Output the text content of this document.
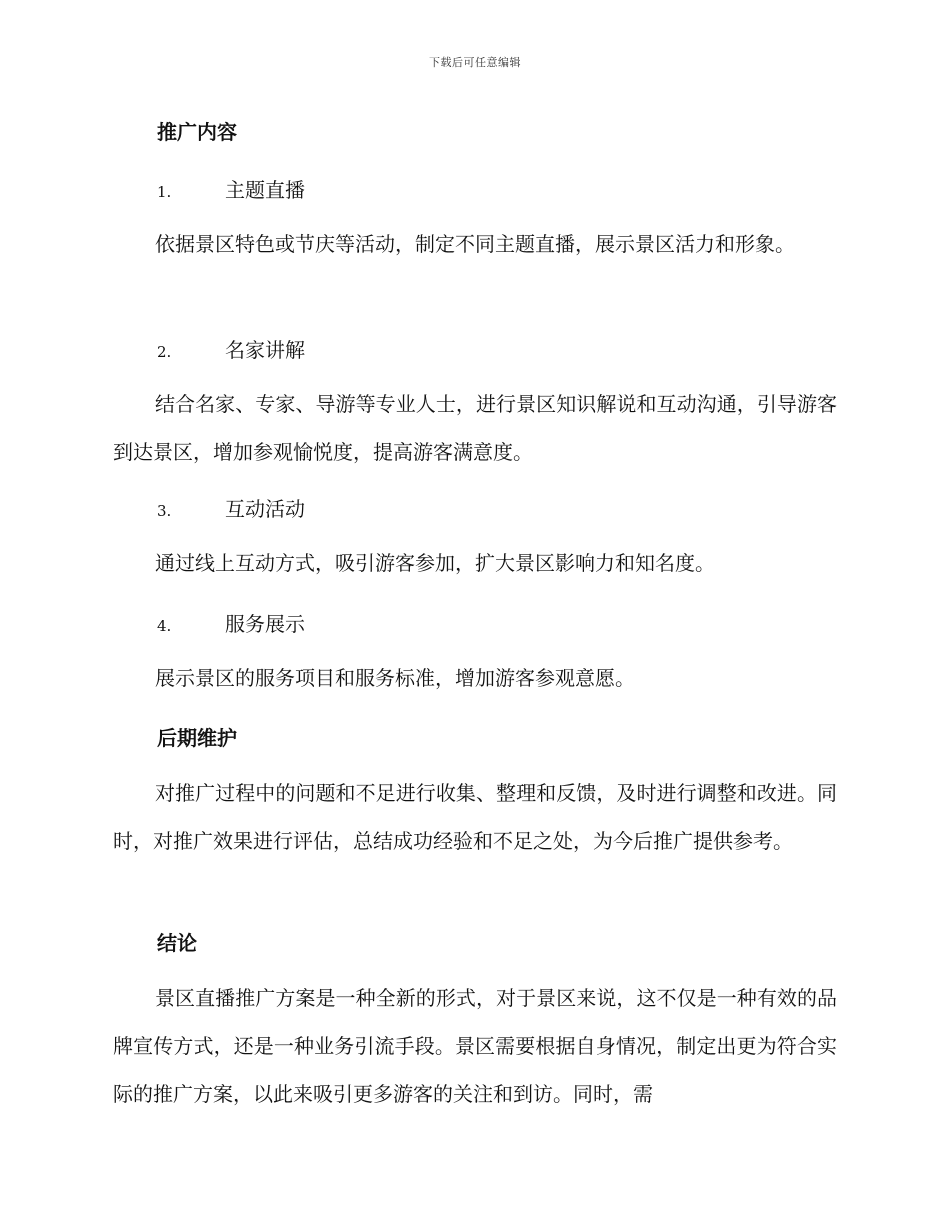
下载后可任意编辑
推广内容
1.	主题直播
依据景区特色或节庆等活动，制定不同主题直播，展示景区活力和形象。
2.	名家讲解
结合名家、专家、导游等专业人士，进行景区知识解说和互动沟通，引导游客到达景区，增加参观愉悦度，提高游客满意度。
3.	互动活动
通过线上互动方式，吸引游客参加，扩大景区影响力和知名度。
4.	服务展示
展示景区的服务项目和服务标准，增加游客参观意愿。
后期维护
对推广过程中的问题和不足进行收集、整理和反馈，及时进行调整和改进。同时，对推广效果进行评估，总结成功经验和不足之处，为今后推广提供参考。
结论
景区直播推广方案是一种全新的形式，对于景区来说，这不仅是一种有效的品牌宣传方式，还是一种业务引流手段。景区需要根据自身情况，制定出更为符合实际的推广方案，以此来吸引更多游客的关注和到访。同时，需
